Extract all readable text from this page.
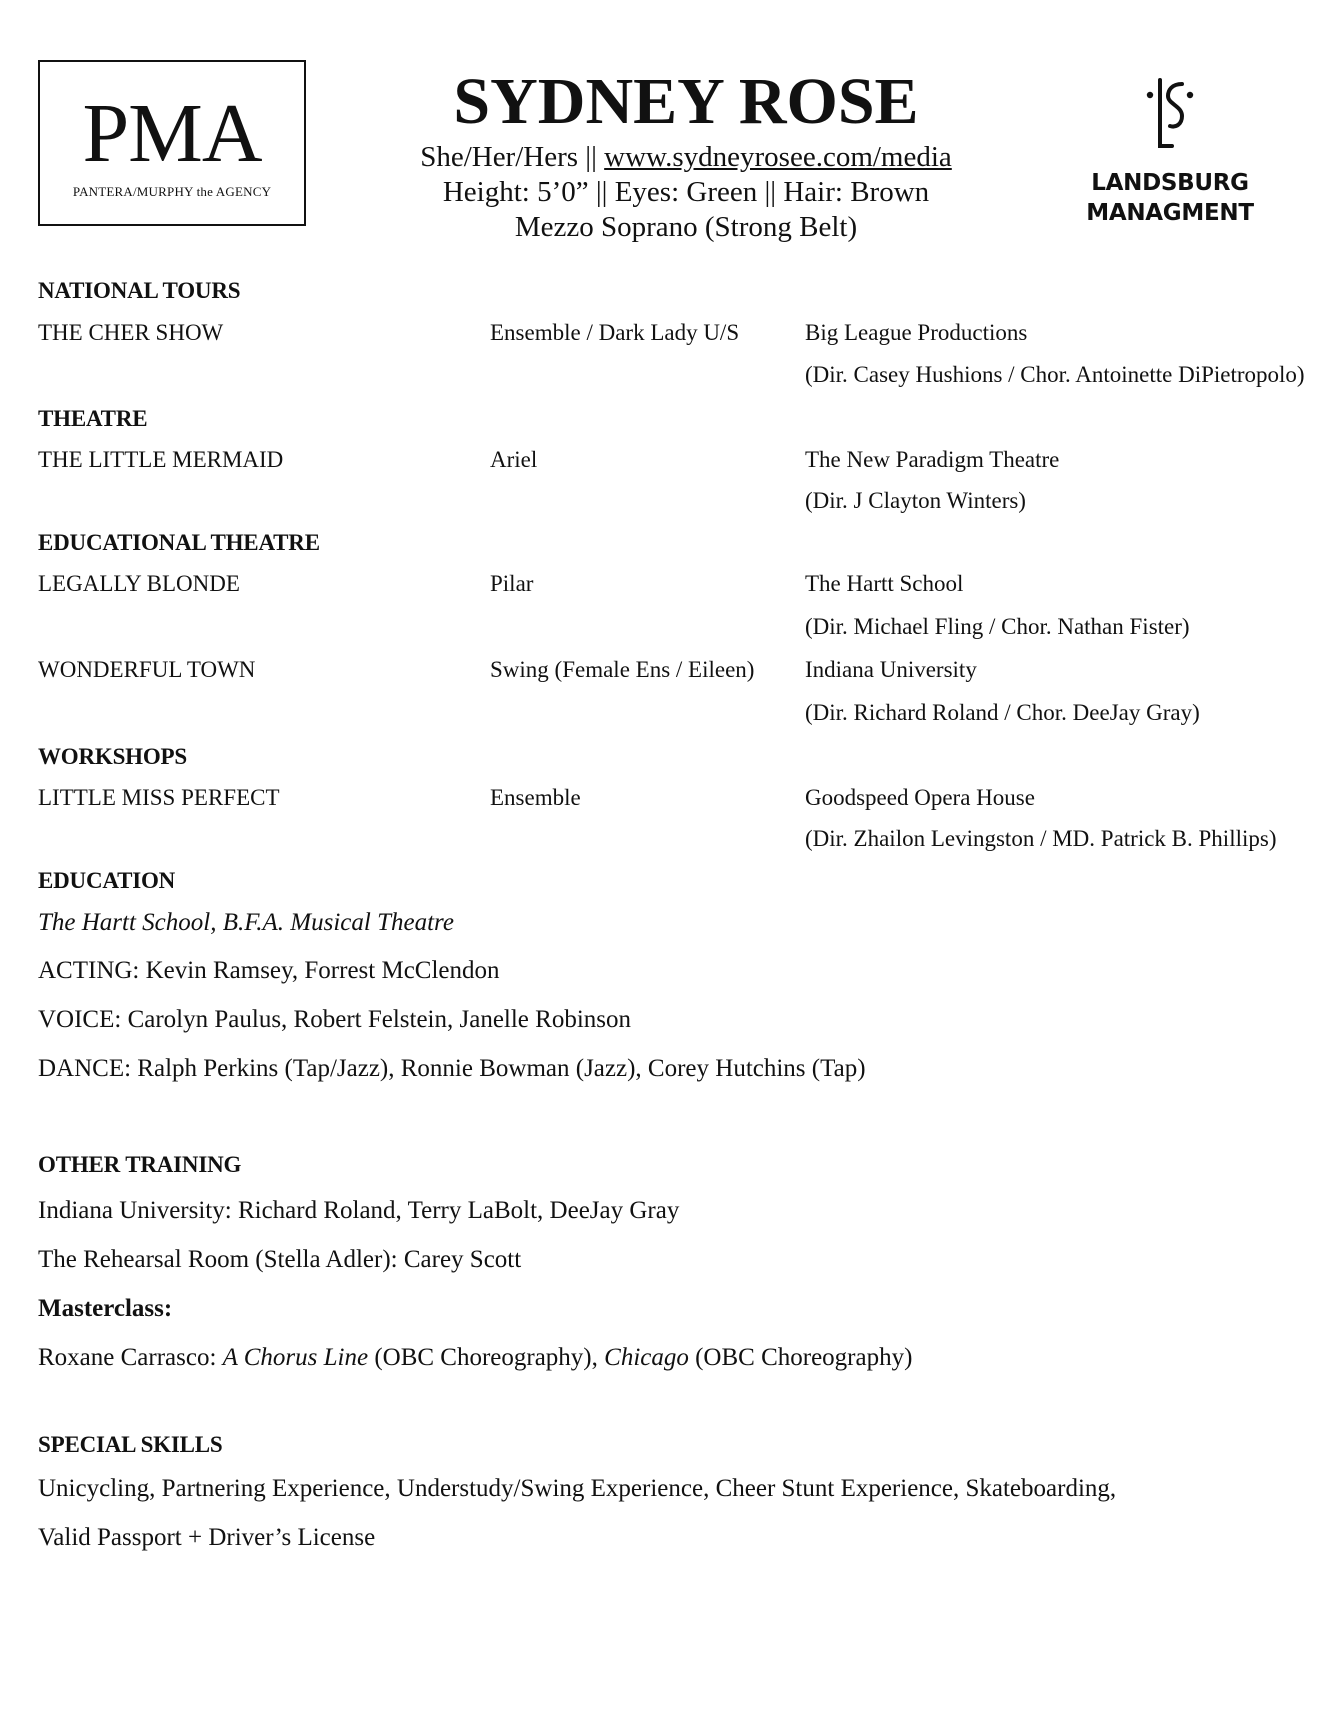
PMA
PANTERA/MURPHY the AGENCY
SYDNEY ROSE
She/Her/Hers || www.sydneyrosee.com/media
Height: 5’0” || Eyes: Green || Hair: Brown
Mezzo Soprano (Strong Belt)
LANDSBURG
MANAGMENT
NATIONAL TOURS
THE CHER SHOW	Ensemble / Dark Lady U/S	Big League Productions
(Dir. Casey Hushions / Chor. Antoinette DiPietropolo)
THEATRE
THE LITTLE MERMAID	Ariel	The New Paradigm Theatre
(Dir. J Clayton Winters)
EDUCATIONAL THEATRE
LEGALLY BLONDE	Pilar	The Hartt School
(Dir. Michael Fling / Chor. Nathan Fister)
WONDERFUL TOWN	Swing (Female Ens / Eileen) Indiana University
(Dir. Richard Roland / Chor. DeeJay Gray)
WORKSHOPS
LITTLE MISS PERFECT	Ensemble	Goodspeed Opera House
(Dir. Zhailon Levingston / MD. Patrick B. Phillips)
EDUCATION
The Hartt School, B.F.A. Musical Theatre
ACTING: Kevin Ramsey, Forrest McClendon
VOICE: Carolyn Paulus, Robert Felstein, Janelle Robinson
DANCE: Ralph Perkins (Tap/Jazz), Ronnie Bowman (Jazz), Corey Hutchins (Tap)
OTHER TRAINING
Indiana University: Richard Roland, Terry LaBolt, DeeJay Gray
The Rehearsal Room (Stella Adler): Carey Scott
Masterclass:
Roxane Carrasco: A Chorus Line (OBC Choreography), Chicago (OBC Choreography)
SPECIAL SKILLS
Unicycling, Partnering Experience, Understudy/Swing Experience, Cheer Stunt Experience, Skateboarding,
Valid Passport + Driver’s License
